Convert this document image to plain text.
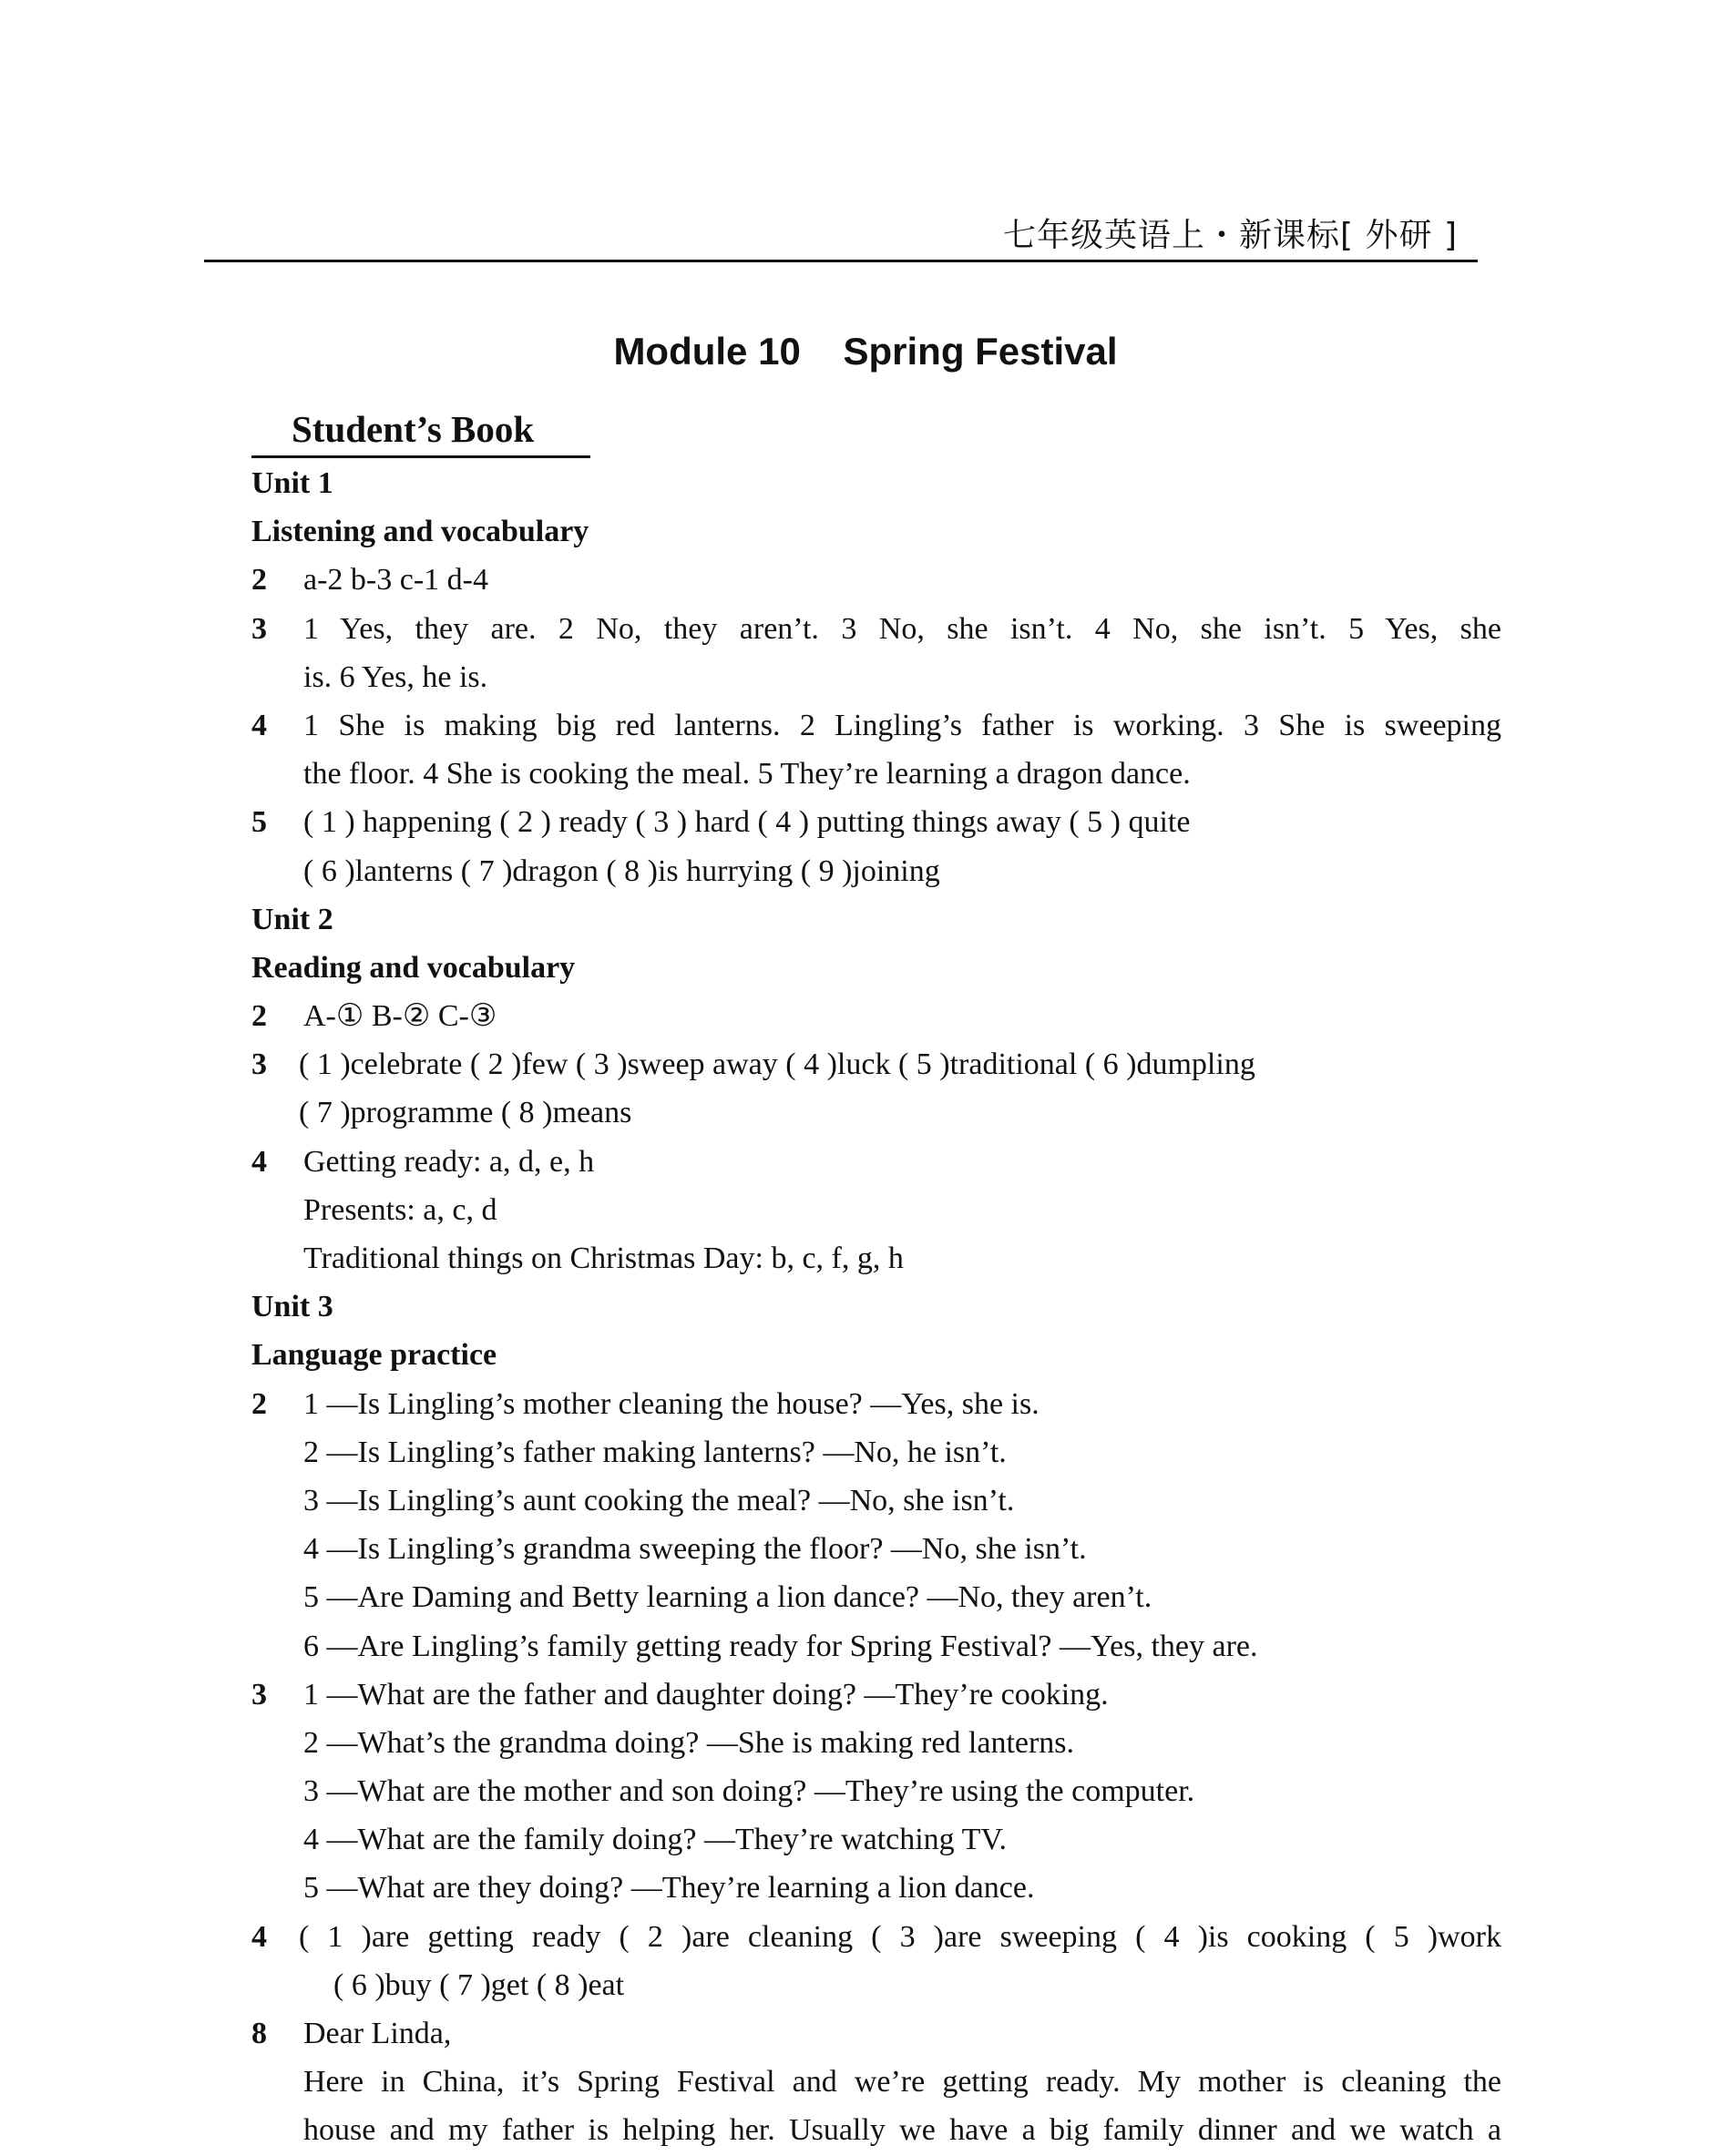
七年级英语上・新课标[ 外研 ]
Module 10    Spring Festival
Student’s Book
Unit 1
Listening and vocabulary
2	a-2 b-3 c-1 d-4
3	1 Yes, they are. 2 No, they aren’t. 3 No, she isn’t. 4 No, she isn’t. 5 Yes, she
is. 6 Yes, he is.
4	1 She is making big red lanterns. 2 Lingling’s father is working. 3 She is sweeping
the floor. 4 She is cooking the meal. 5 They’re learning a dragon dance.
5	( 1 ) happening ( 2 ) ready ( 3 ) hard ( 4 ) putting things away ( 5 ) quite
( 6 )lanterns ( 7 )dragon ( 8 )is hurrying ( 9 )joining
Unit 2
Reading and vocabulary
2	A-① B-② C-③
3	( 1 )celebrate ( 2 )few ( 3 )sweep away ( 4 )luck ( 5 )traditional ( 6 )dumpling
( 7 )programme ( 8 )means
4	Getting ready: a, d, e, h
Presents: a, c, d
Traditional things on Christmas Day: b, c, f, g, h
Unit 3
Language practice
2	1 —Is Lingling’s mother cleaning the house? —Yes, she is.
2 —Is Lingling’s father making lanterns? —No, he isn’t.
3 —Is Lingling’s aunt cooking the meal? —No, she isn’t.
4 —Is Lingling’s grandma sweeping the floor? —No, she isn’t.
5 —Are Daming and Betty learning a lion dance? —No, they aren’t.
6 —Are Lingling’s family getting ready for Spring Festival? —Yes, they are.
3	1 —What are the father and daughter doing? —They’re cooking.
2 —What’s the grandma doing? —She is making red lanterns.
3 —What are the mother and son doing? —They’re using the computer.
4 —What are the family doing? —They’re watching TV.
5 —What are they doing? —They’re learning a lion dance.
4	( 1 )are getting ready ( 2 )are cleaning ( 3 )are sweeping ( 4 )is cooking ( 5 )work
( 6 )buy ( 7 )get ( 8 )eat
8	Dear Linda,
Here in China, it’s Spring Festival and we’re getting ready. My mother is cleaning the
house and my father is helping her. Usually we have a big family dinner and we watch a
